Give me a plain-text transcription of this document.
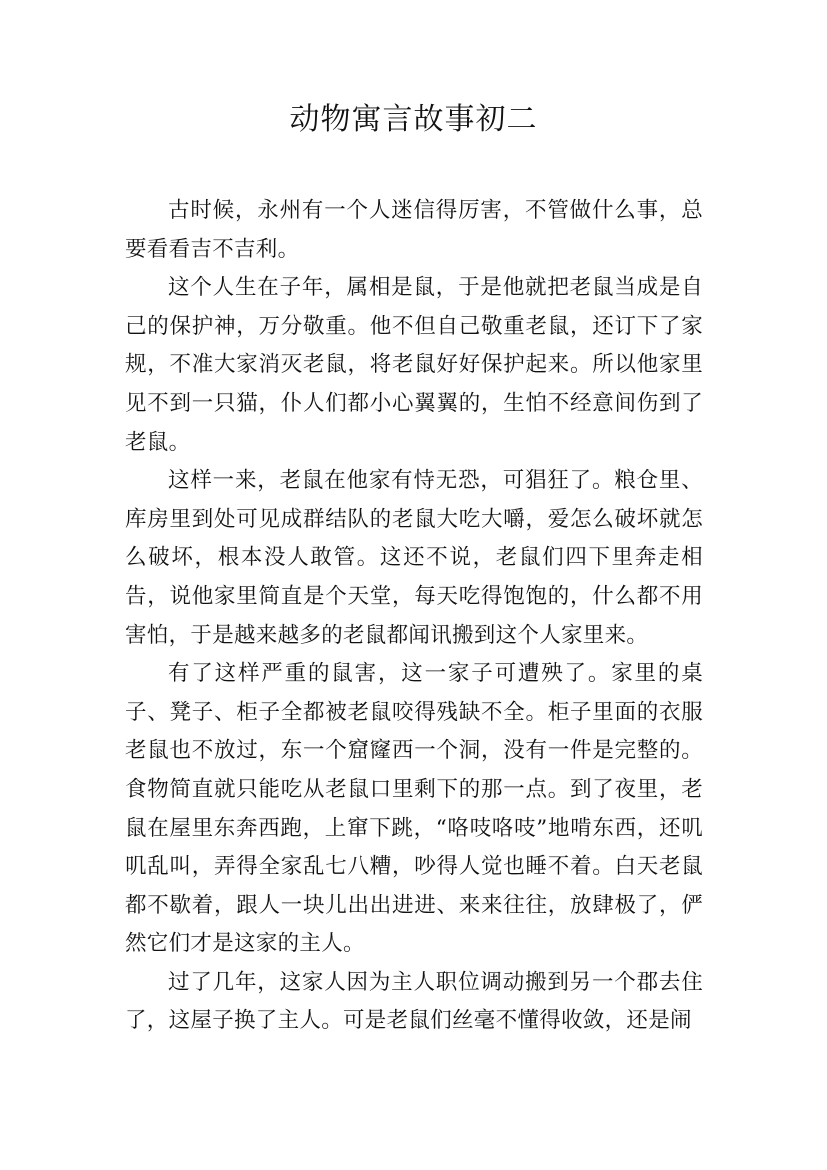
动物寓言故事初二

古时候，永州有一个人迷信得厉害，不管做什么事，总要看看吉不吉利。

这个人生在子年，属相是鼠，于是他就把老鼠当成是自己的保护神，万分敬重。他不但自己敬重老鼠，还订下了家规，不准大家消灭老鼠，将老鼠好好保护起来。所以他家里见不到一只猫，仆人们都小心翼翼的，生怕不经意间伤到了老鼠。

这样一来，老鼠在他家有恃无恐，可猖狂了。粮仓里、库房里到处可见成群结队的老鼠大吃大嚼，爱怎么破坏就怎么破坏，根本没人敢管。这还不说，老鼠们四下里奔走相告，说他家里简直是个天堂，每天吃得饱饱的，什么都不用害怕，于是越来越多的老鼠都闻讯搬到这个人家里来。

有了这样严重的鼠害，这一家子可遭殃了。家里的桌子、凳子、柜子全都被老鼠咬得残缺不全。柜子里面的衣服老鼠也不放过，东一个窟窿西一个洞，没有一件是完整的。食物简直就只能吃从老鼠口里剩下的那一点。到了夜里，老鼠在屋里东奔西跑，上窜下跳，“咯吱咯吱”地啃东西，还叽叽乱叫，弄得全家乱七八糟，吵得人觉也睡不着。白天老鼠都不歇着，跟人一块儿出出进进、来来往往，放肆极了，俨然它们才是这家的主人。

过了几年，这家人因为主人职位调动搬到另一个郡去住了，这屋子换了主人。可是老鼠们丝毫不懂得收敛，还是闹
